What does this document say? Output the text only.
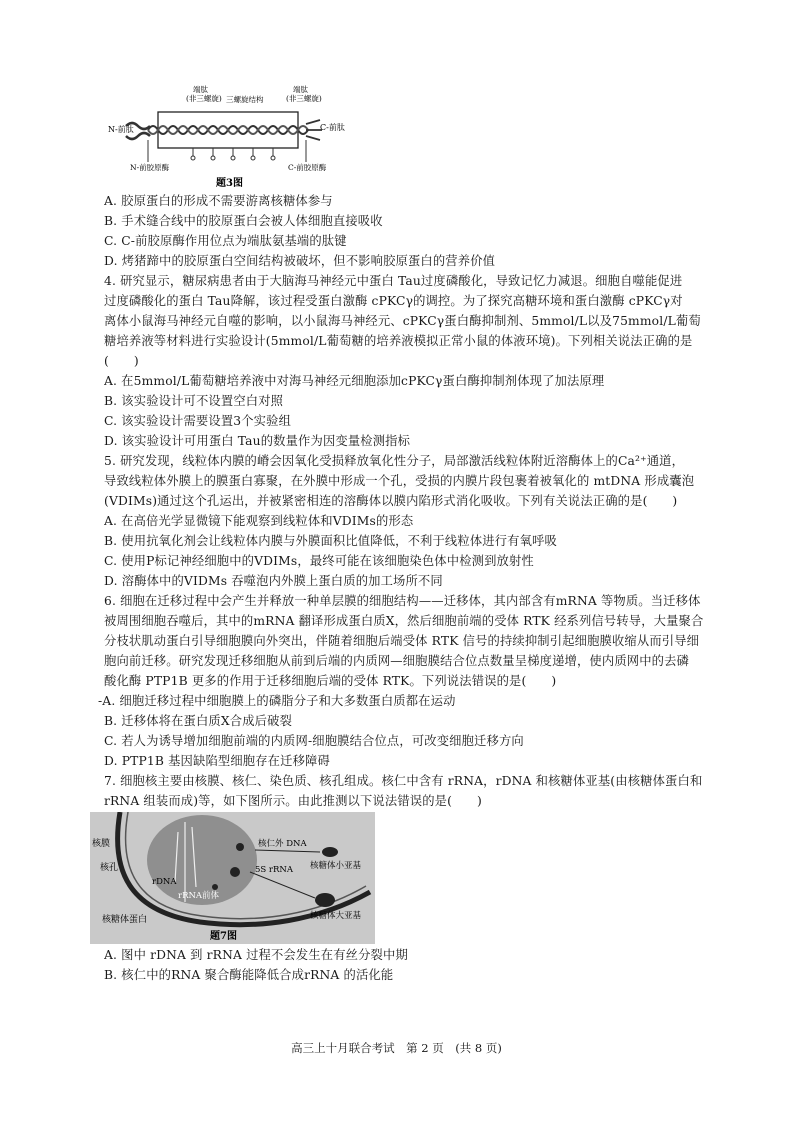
端肽
(非三螺旋) 三螺旋结构
端肽
(非三螺旋)
N-前肽	C-前肽
N-前胶原酶	C-前胶原酶
题3图
A. 胶原蛋白的形成不需要游离核糖体参与
B. 手术缝合线中的胶原蛋白会被人体细胞直接吸收
C. C-前胶原酶作用位点为端肽氨基端的肽键
D. 烤猪蹄中的胶原蛋白空间结构被破坏，但不影响胶原蛋白的营养价值
4. 研究显示，糖尿病患者由于大脑海马神经元中蛋白 Tau过度磷酸化，导致记忆力减退。细胞自噬能促进
过度磷酸化的蛋白 Tau降解，该过程受蛋白激酶 cPKCγ的调控。为了探究高糖环境和蛋白激酶 cPKCγ对
离体小鼠海马神经元自噬的影响，以小鼠海马神经元、cPKCγ蛋白酶抑制剂、5mmol/L以及75mmol/L葡萄
糖培养液等材料进行实验设计(5mmol/L葡萄糖的培养液模拟正常小鼠的体液环境)。下列相关说法正确的是
(　　)
A. 在5mmol/L葡萄糖培养液中对海马神经元细胞添加cPKCγ蛋白酶抑制剂体现了加法原理
B. 该实验设计可不设置空白对照
C. 该实验设计需要设置3个实验组
D. 该实验设计可用蛋白 Tau的数量作为因变量检测指标
5. 研究发现，线粒体内膜的嵴会因氧化受损释放氧化性分子，局部激活线粒体附近溶酶体上的Ca²⁺通道，
导致线粒体外膜上的膜蛋白寡聚，在外膜中形成一个孔，受损的内膜片段包裹着被氧化的 mtDNA 形成囊泡
(VDIMs)通过这个孔运出，并被紧密相连的溶酶体以膜内陷形式消化吸收。下列有关说法正确的是(　　)
A. 在高倍光学显微镜下能观察到线粒体和VDIMs的形态
B. 使用抗氧化剂会让线粒体内膜与外膜面积比值降低，不利于线粒体进行有氧呼吸
C. 使用P标记神经细胞中的VDIMs，最终可能在该细胞染色体中检测到放射性
D. 溶酶体中的VIDMs 吞噬泡内外膜上蛋白质的加工场所不同
6. 细胞在迁移过程中会产生并释放一种单层膜的细胞结构——迁移体，其内部含有mRNA 等物质。当迁移体
被周围细胞吞噬后，其中的mRNA 翻译形成蛋白质X，然后细胞前端的受体 RTK 经系列信号转导，大量聚合
分枝状肌动蛋白引导细胞膜向外突出，伴随着细胞后端受体 RTK 信号的持续抑制引起细胞膜收缩从而引导细
胞向前迁移。研究发现迁移细胞从前到后端的内质网—细胞膜结合位点数量呈梯度递增，使内质网中的去磷
酸化酶 PTP1B 更多的作用于迁移细胞后端的受体 RTK。下列说法错误的是(　　)
-A. 细胞迁移过程中细胞膜上的磷脂分子和大多数蛋白质都在运动
B. 迁移体将在蛋白质X合成后破裂
C. 若人为诱导增加细胞前端的内质网-细胞膜结合位点，可改变细胞迁移方向
D. PTP1B 基因缺陷型细胞存在迁移障碍
7. 细胞核主要由核膜、核仁、染色质、核孔组成。核仁中含有 rRNA，rDNA 和核糖体亚基(由核糖体蛋白和
rRNA 组装而成)等，如下图所示。由此推测以下说法错误的是(　　)
核膜
核孔
rDNA
rRNA前体
核糖体蛋白
核仁外 DNA
5S rRNA 核糖体小亚基
核糖体大亚基
题7图
A. 图中 rDNA 到 rRNA 过程不会发生在有丝分裂中期
B. 核仁中的RNA 聚合酶能降低合成rRNA 的活化能
高三上十月联合考试　第 2 页　(共 8 页)
